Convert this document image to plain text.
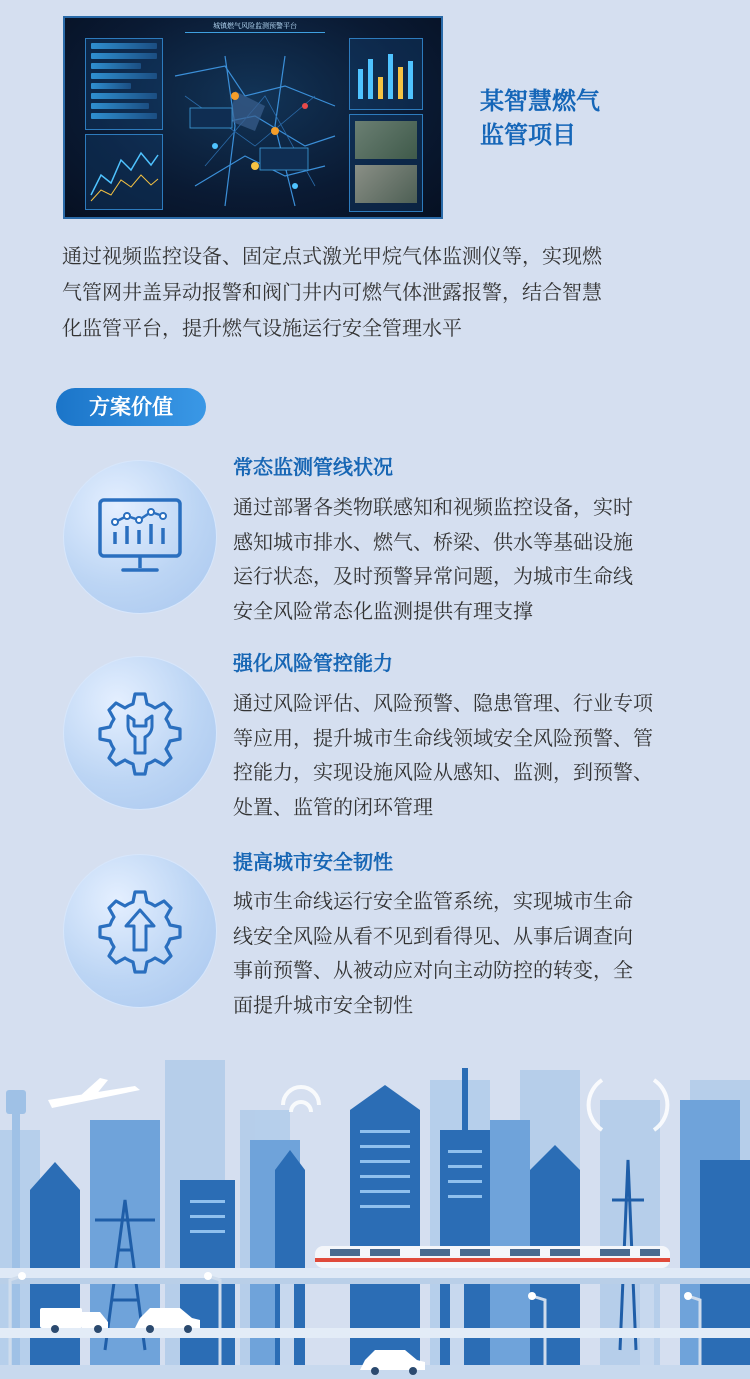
城镇燃气风险监测预警平台
某智慧燃气
监管项目
通过视频监控设备、固定点式激光甲烷气体监测仪等，实现燃
气管网井盖异动报警和阀门井内可燃气体泄露报警，结合智慧
化监管平台，提升燃气设施运行安全管理水平
方案价值
常态监测管线状况
通过部署各类物联感知和视频监控设备，实时
感知城市排水、燃气、桥梁、供水等基础设施
运行状态，及时预警异常问题，为城市生命线
安全风险常态化监测提供有理支撑
强化风险管控能力
通过风险评估、风险预警、隐患管理、行业专项
等应用，提升城市生命线领域安全风险预警、管
控能力，实现设施风险从感知、监测，到预警、
处置、监管的闭环管理
提高城市安全韧性
城市生命线运行安全监管系统，实现城市生命
线安全风险从看不见到看得见、从事后调查向
事前预警、从被动应对向主动防控的转变，全
面提升城市安全韧性
